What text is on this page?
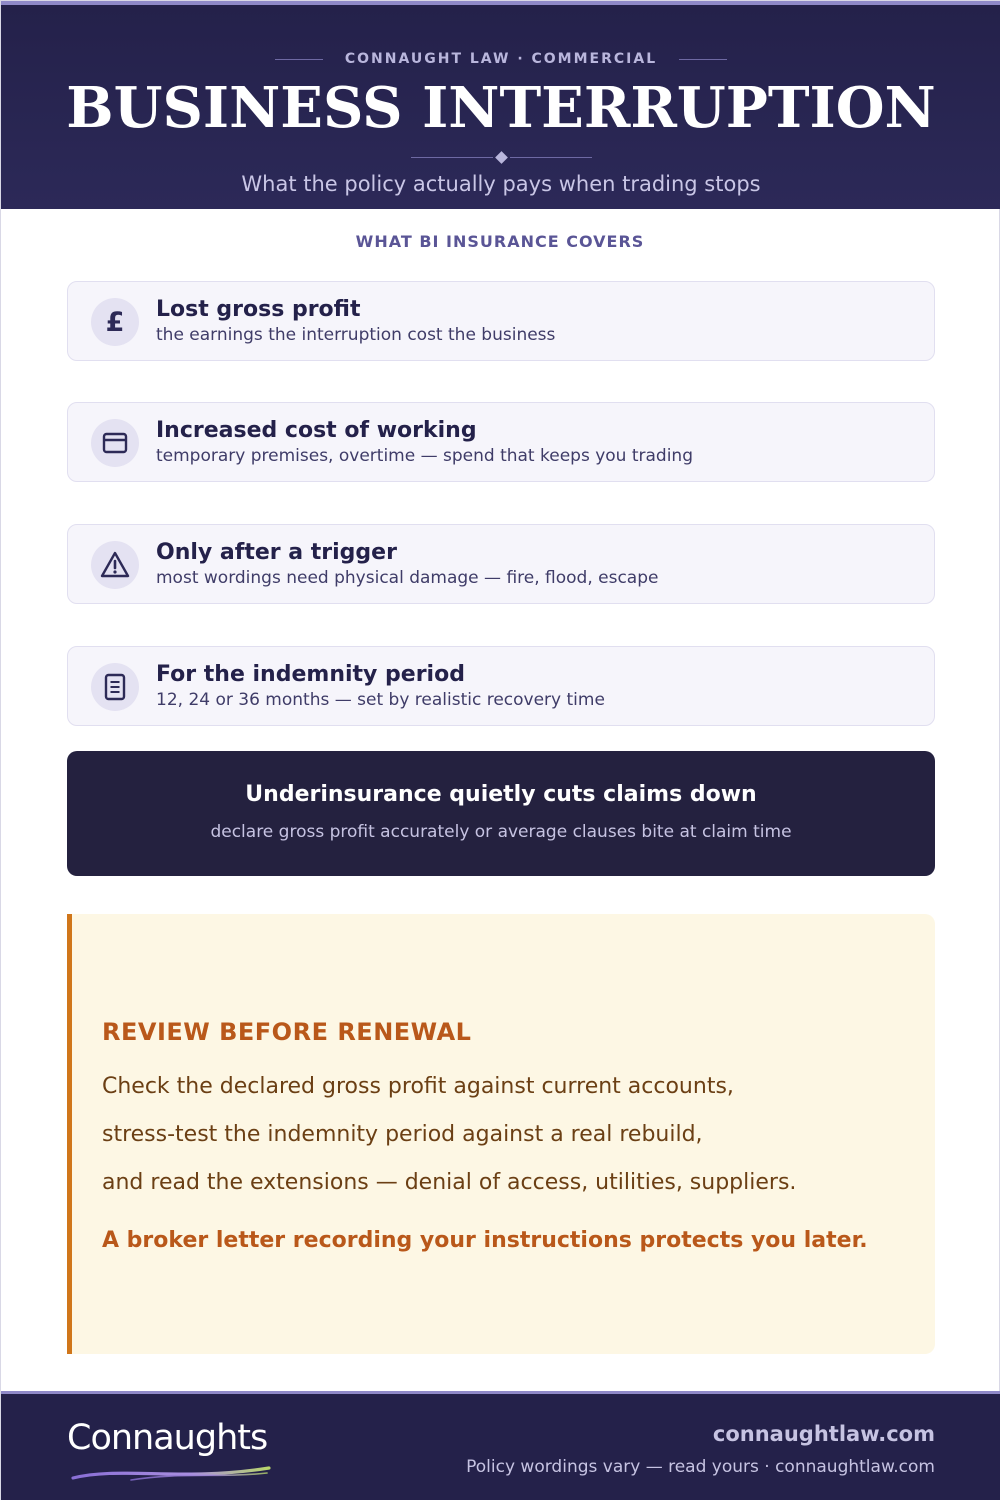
CONNAUGHT LAW · COMMERCIAL
BUSINESS INTERRUPTION
What the policy actually pays when trading stops
WHAT BI INSURANCE COVERS
£ Lost gross profit
the earnings the interruption cost the business
Increased cost of working
temporary premises, overtime — spend that keeps you trading
Only after a trigger
most wordings need physical damage — fire, flood, escape
For the indemnity period
12, 24 or 36 months — set by realistic recovery time
Underinsurance quietly cuts claims down
declare gross profit accurately or average clauses bite at claim time
REVIEW BEFORE RENEWAL
Check the declared gross profit against current accounts,
stress-test the indemnity period against a real rebuild,
and read the extensions — denial of access, utilities, suppliers.
A broker letter recording your instructions protects you later.
Connaughts	connaughtlaw.com
Policy wordings vary — read yours · connaughtlaw.com
